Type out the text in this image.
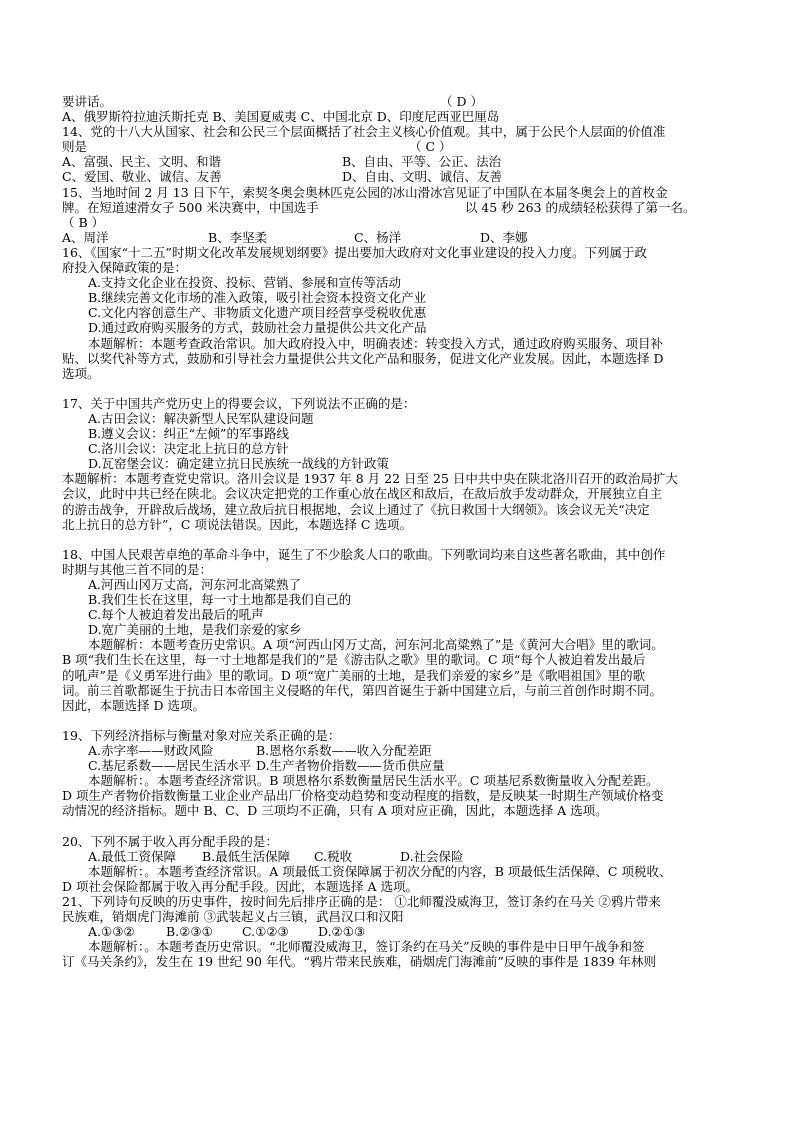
要讲话。	（ D ）
A、俄罗斯符拉迪沃斯托克 B、美国夏威夷 C、中国北京 D、印度尼西亚巴厘岛
14、党的十八大从国家、社会和公民三个层面概括了社会主义核心价值观。其中，属于公民个人层面的价值准
则是	（ C ）
A、富强、民主、文明、和谐	B、自由、平等、公正、法治
C、爱国、敬业、诚信、友善	D、自由、文明、诚信、友善
15、当地时间 2 月 13 日下午，索契冬奥会奥林匹克公园的冰山滑冰宫见证了中国队在本届冬奥会上的首枚金
牌。在短道速滑女子 500 米决赛中，中国选手	以 45 秒 263 的成绩轻松获得了第一名。
（ B ）
A、周洋	B、李坚柔	C、杨洋	D、李娜
16、《国家“十二五”时期文化改革发展规划纲要》提出要加大政府对文化事业建设的投入力度。下列属于政
府投入保障政策的是：
A.支持文化企业在投资、投标、营销、参展和宣传等活动
B.继续完善文化市场的准入政策，吸引社会资本投资文化产业
C.文化内容创意生产、非物质文化遗产项目经营享受税收优惠
D.通过政府购买服务的方式，鼓励社会力量提供公共文化产品
本题解析：本题考查政治常识。加大政府投入中，明确表述：转变投入方式，通过政府购买服务、项目补
贴、以奖代补等方式，鼓励和引导社会力量提供公共文化产品和服务，促进文化产业发展。因此，本题选择 D
选项。
17、关于中国共产党历史上的得要会议，下列说法不正确的是：
A.古田会议：解决新型人民军队建设问题
B.遵义会议：纠正“左倾”的军事路线
C.洛川会议：决定北上抗日的总方针
D.瓦窑堡会议：确定建立抗日民族统一战线的方针政策
本题解析：本题考查党史常识。洛川会议是 1937 年 8 月 22 日至 25 日中共中央在陕北洛川召开的政治局扩大
会议，此时中共已经在陕北。会议决定把党的工作重心放在战区和敌后，在敌后放手发动群众，开展独立自主
的游击战争，开辟敌后战场，建立敌后抗日根据地，会议上通过了《抗日救国十大纲领》。该会议无关“决定
北上抗日的总方针”，C 项说法错误。因此，本题选择 C 选项。
18、中国人民艰苦卓绝的革命斗争中，诞生了不少脍炙人口的歌曲。下列歌词均来自这些著名歌曲，其中创作
时期与其他三首不同的是：
A.河西山冈万丈高，河东河北高粱熟了
B.我们生长在这里，每一寸土地都是我们自己的
C.每个人被迫着发出最后的吼声
D.宽广美丽的土地，是我们亲爱的家乡
本题解析：本题考查历史常识。A 项“河西山冈万丈高，河东河北高粱熟了”是《黄河大合唱》里的歌词。
B 项“我们生长在这里，每一寸土地都是我们的”是《游击队之歌》里的歌词。C 项“每个人被迫着发出最后
的吼声”是《义勇军进行曲》里的歌词。D 项“宽广美丽的土地，是我们亲爱的家乡”是《歌唱祖国》里的歌
词。前三首歌都诞生于抗击日本帝国主义侵略的年代，第四首诞生于新中国建立后，与前三首创作时期不同。
因此，本题选择 D 选项。
19、下列经济指标与衡量对象对应关系正确的是：
A.赤字率——财政风险	B.恩格尔系数——收入分配差距
C.基尼系数——居民生活水平 D.生产者物价指数——货币供应量
本题解析：。本题考查经济常识。B 项恩格尔系数衡量居民生活水平。C 项基尼系数衡量收入分配差距。
D 项生产者物价指数衡量工业企业产品出厂价格变动趋势和变动程度的指数，是反映某一时期生产领域价格变
动情况的经济指标。题中 B、C、D 三项均不正确，只有 A 项对应正确，因此，本题选择 A 选项。
20、下列不属于收入再分配手段的是：
A.最低工资保障	B.最低生活保障	C.税收	D.社会保险
本题解析：。本题考查经济常识。A 项最低工资保障属于初次分配的内容，B 项最低生活保障、C 项税收、
D 项社会保险都属于收入再分配手段。因此，本题选择 A 选项。
21、下列诗句反映的历史事件，按时间先后排序正确的是： ①北师覆没威海卫，签订条约在马关 ②鸦片带来
民族难，销烟虎门海滩前 ③武装起义占三镇，武昌汉口和汉阳
A.①③②	B.②③①	C.①②③	D.②①③
本题解析：。本题考查历史常识。“北师覆没威海卫，签订条约在马关”反映的事件是中日甲午战争和签
订《马关条约》，发生在 19 世纪 90 年代。“鸦片带来民族难，硝烟虎门海滩前”反映的事件是 1839 年林则
